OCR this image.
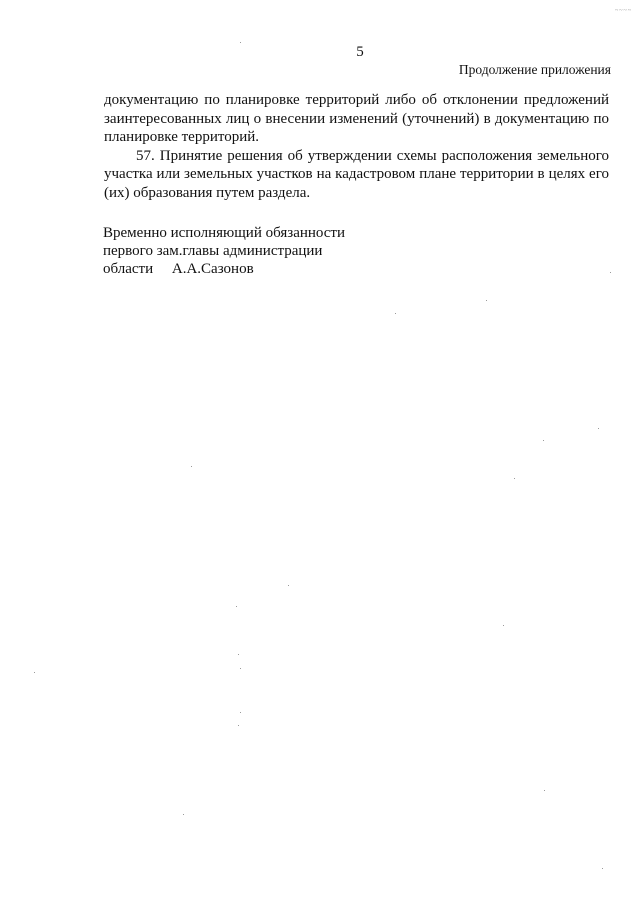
~~~~
5
Продолжение приложения

документацию по планировке территорий либо об отклонении предложений заинтересованных лиц о внесении изменений (уточнений) в документацию по планировке территорий.

57. Принятие решения об утверждении схемы расположения земельного участка или земельных участков на кадастровом плане территории в целях его (их) образования путем раздела.

Временно исполняющий обязанности
первого зам.главы администрации
области     А.А.Сазонов
